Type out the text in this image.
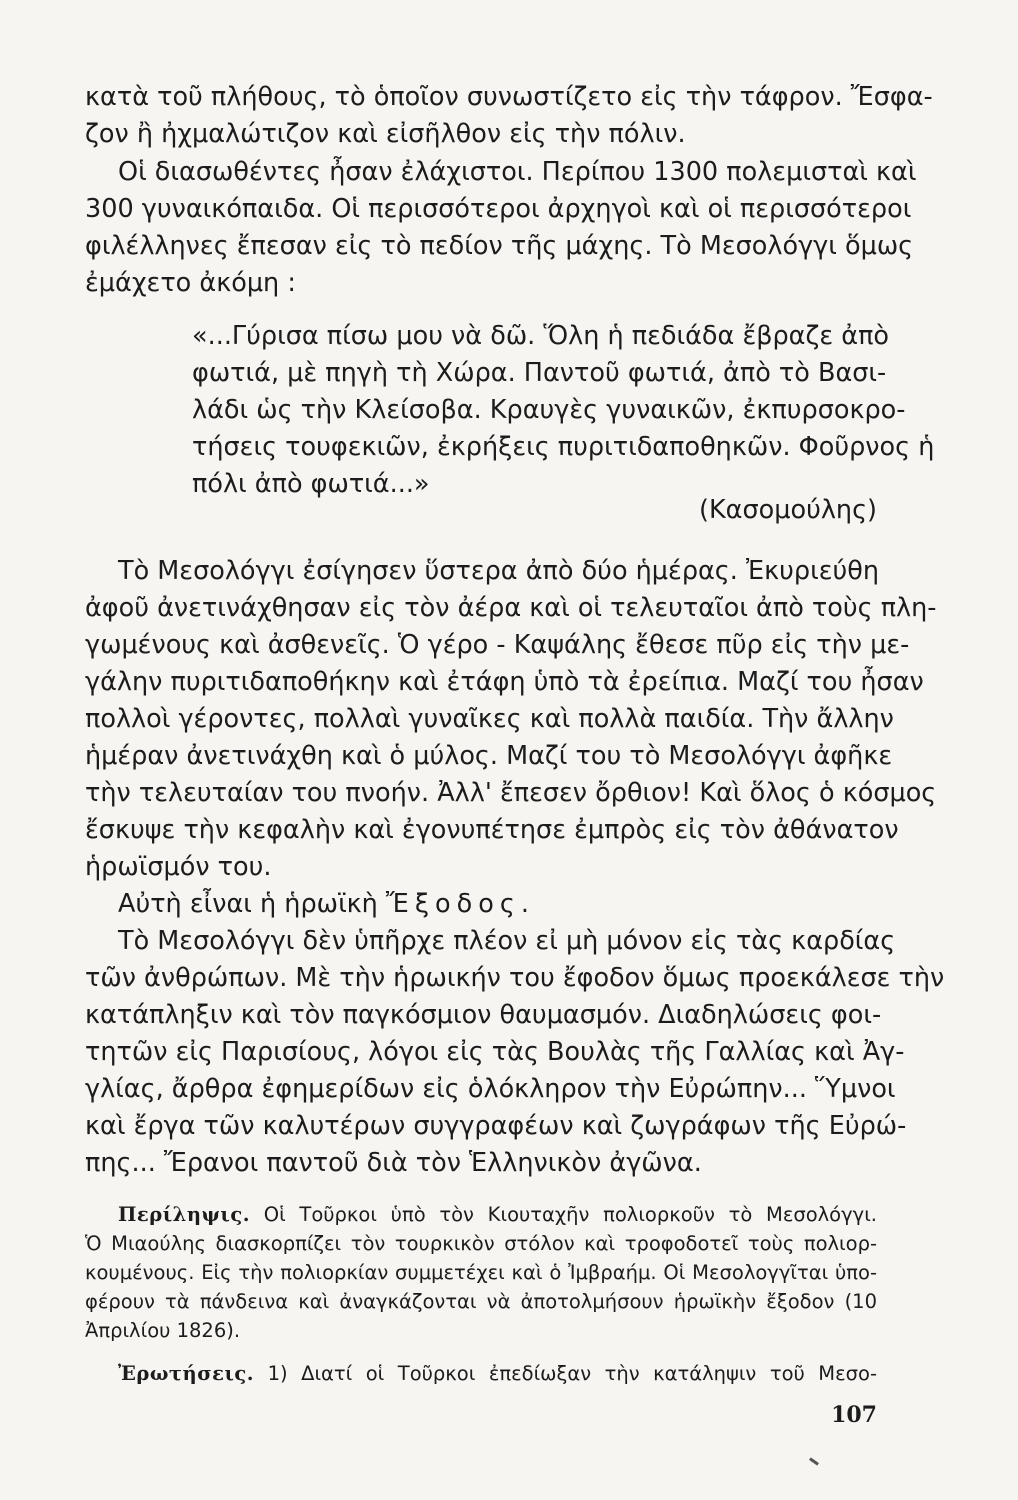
κατὰ τοῦ πλήθους, τὸ ὁποῖον συνωστίζετο εἰς τὴν τάφρον. Ἔσφα-
ζον ἢ ἠχμαλώτιζον καὶ εἰσῆλθον εἰς τὴν πόλιν.
Οἱ διασωθέντες ἦσαν ἐλάχιστοι. Περίπου 1300 πολεμισταὶ καὶ
300 γυναικόπαιδα. Οἱ περισσότεροι ἀρχηγοὶ καὶ οἱ περισσότεροι
φιλέλληνες ἔπεσαν εἰς τὸ πεδίον τῆς μάχης. Τὸ Μεσολόγγι ὅμως
ἐμάχετο ἀκόμη :
«...Γύρισα πίσω μου νὰ δῶ. Ὅλη ἡ πεδιάδα ἔβραζε ἀπὸ
φωτιά, μὲ πηγὴ τὴ Χώρα. Παντοῦ φωτιά, ἀπὸ τὸ Βασι-
λάδι ὡς τὴν Κλείσοβα. Κραυγὲς γυναικῶν, ἐκπυρσοκρο-
τήσεις τουφεκιῶν, ἐκρήξεις πυριτιδαποθηκῶν. Φοῦρνος ἡ
πόλι ἀπὸ φωτιά...»
(Κασομούλης)
Τὸ Μεσολόγγι ἐσίγησεν ὕστερα ἀπὸ δύο ἡμέρας. Ἐκυριεύθη
ἀφοῦ ἀνετινάχθησαν εἰς τὸν ἀέρα καὶ οἱ τελευταῖοι ἀπὸ τοὺς πλη-
γωμένους καὶ ἀσθενεῖς. Ὁ γέρο - Καψάλης ἔθεσε πῦρ εἰς τὴν με-
γάλην πυριτιδαποθήκην καὶ ἐτάφη ὑπὸ τὰ ἐρείπια. Μαζί του ἦσαν
πολλοὶ γέροντες, πολλαὶ γυναῖκες καὶ πολλὰ παιδία. Τὴν ἄλλην
ἡμέραν ἀνετινάχθη καὶ ὁ μύλος. Μαζί του τὸ Μεσολόγγι ἀφῆκε
τὴν τελευταίαν του πνοήν. Ἀλλ' ἔπεσεν ὄρθιον! Καὶ ὅλος ὁ κόσμος
ἔσκυψε τὴν κεφαλὴν καὶ ἐγονυπέτησε ἐμπρὸς εἰς τὸν ἀθάνατον
ἡρωϊσμόν του.
Αὐτὴ εἶναι ἡ ἡρωϊκὴ Ἔξοδος.
Τὸ Μεσολόγγι δὲν ὑπῆρχε πλέον εἰ μὴ μόνον εἰς τὰς καρδίας
τῶν ἀνθρώπων. Μὲ τὴν ἡρωικήν του ἔφοδον ὅμως προεκάλεσε τὴν
κατάπληξιν καὶ τὸν παγκόσμιον θαυμασμόν. Διαδηλώσεις φοι-
τητῶν εἰς Παρισίους, λόγοι εἰς τὰς Βουλὰς τῆς Γαλλίας καὶ Ἀγ-
γλίας, ἄρθρα ἐφημερίδων εἰς ὁλόκληρον τὴν Εὐρώπην... Ὕμνοι
καὶ ἔργα τῶν καλυτέρων συγγραφέων καὶ ζωγράφων τῆς Εὐρώ-
πης... Ἔρανοι παντοῦ διὰ τὸν Ἑλληνικὸν ἀγῶνα.
Περίληψις. Οἱ Τοῦρκοι ὑπὸ τὸν Κιουταχῆν πολιορκοῦν τὸ Μεσολόγγι.
Ὁ Μιαούλης διασκορπίζει τὸν τουρκικὸν στόλον καὶ τροφοδοτεῖ τοὺς πολιορ-
κουμένους. Εἰς τὴν πολιορκίαν συμμετέχει καὶ ὁ Ἰμβραήμ. Οἱ Μεσολογγῖται ὑπο-
φέρουν τὰ πάνδεινα καὶ ἀναγκάζονται νὰ ἀποτολμήσουν ἡρωϊκὴν ἔξοδον (10
Ἀπριλίου 1826).
Ἐρωτήσεις. 1) Διατί οἱ Τοῦρκοι ἐπεδίωξαν τὴν κατάληψιν τοῦ Μεσο-
107
